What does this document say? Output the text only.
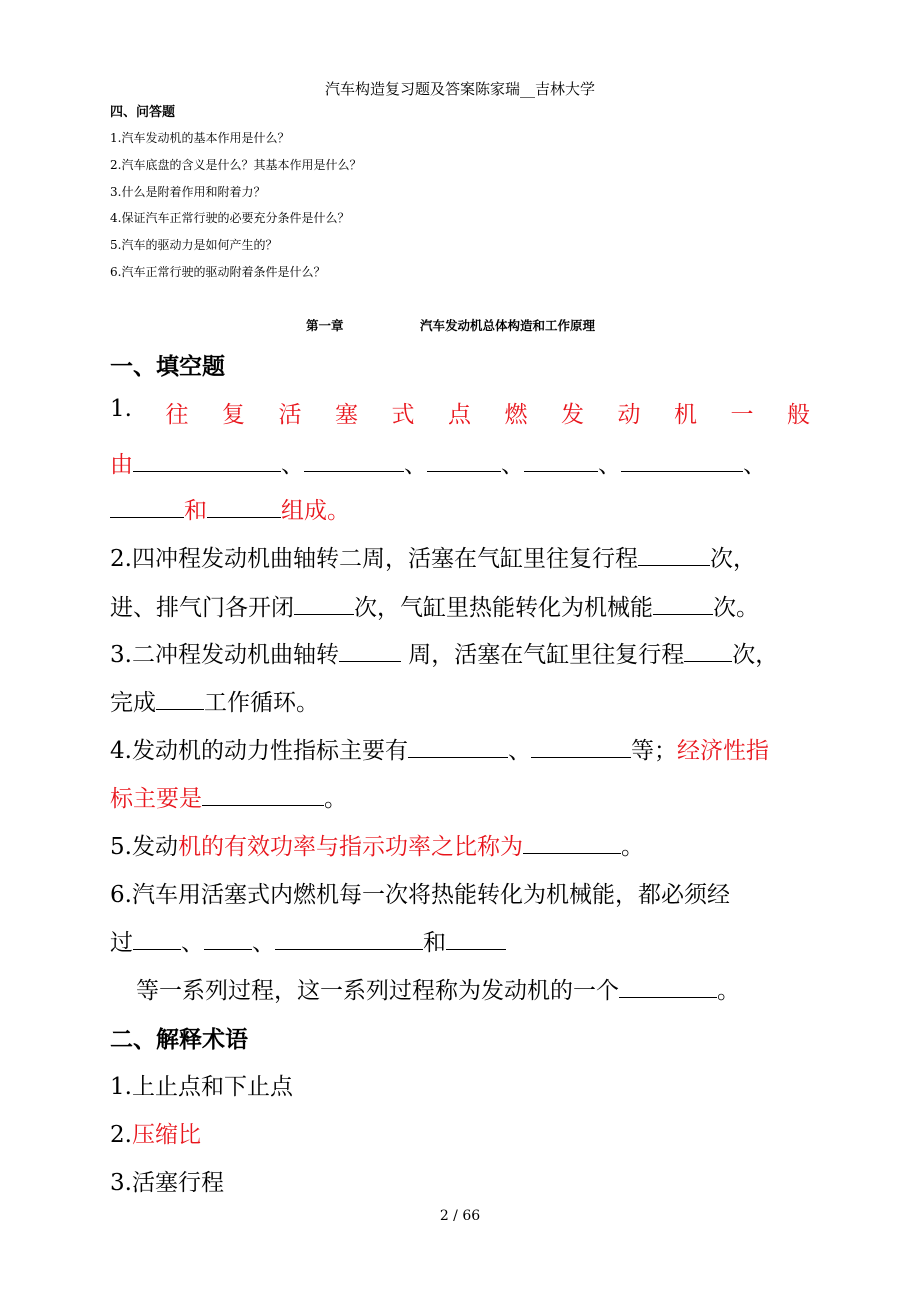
汽车构造复习题及答案陈家瑞__吉林大学
四、问答题
1.汽车发动机的基本作用是什么？
2.汽车底盘的含义是什么？其基本作用是什么？
3.什么是附着作用和附着力？
4.保证汽车正常行驶的必要充分条件是什么？
5.汽车的驱动力是如何产生的？
6.汽车正常行驶的驱动附着条件是什么？
第一章	汽车发动机总体构造和工作原理
一、填空题
1. 往 复 活 塞 式 点 燃 发 动 机 一 般
由	、	、	、	、	、
和	组成。
2.四冲程发动机曲轴转二周，活塞在气缸里往复行程	次，
进、排气门各开闭	次，气缸里热能转化为机械能	次。
3.二冲程发动机曲轴转	周，活塞在气缸里往复行程 次，
完成 工作循环。
4.发动机的动力性指标主要有	、	等；经济性指
标主要是	。
5.发动机的有效功率与指示功率之比称为	。
6.汽车用活塞式内燃机每一次将热能转化为机械能，都必须经
过 、 、	和
等一系列过程，这一系列过程称为发动机的一个	。
二、解释术语
1.上止点和下止点
2.压缩比
3.活塞行程
2 / 66
